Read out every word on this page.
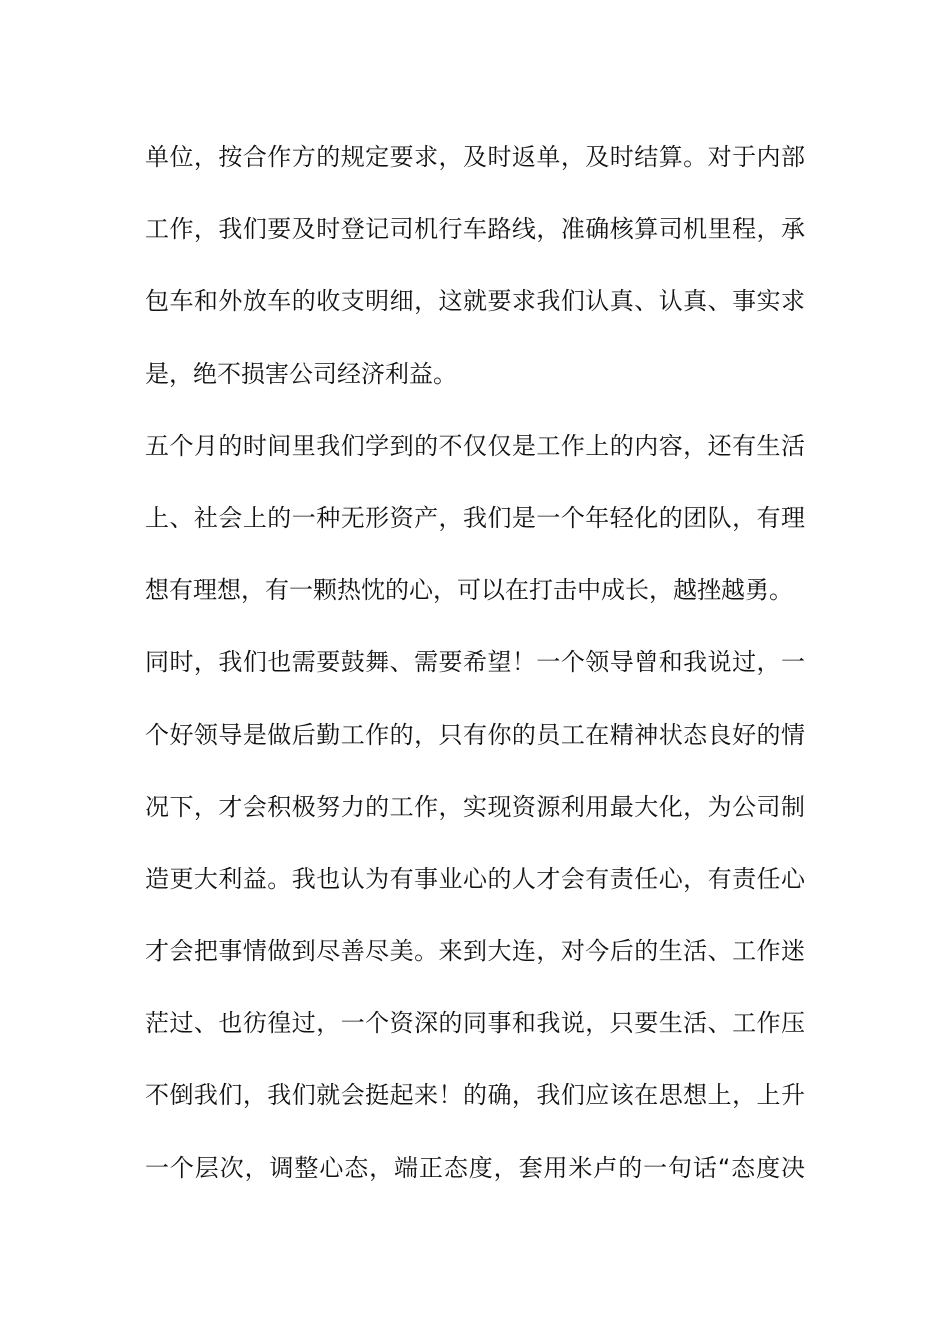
单位，按合作方的规定要求，及时返单，及时结算。对于内部
工作，我们要及时登记司机行车路线，准确核算司机里程，承
包车和外放车的收支明细，这就要求我们认真、认真、事实求
是，绝不损害公司经济利益。
五个月的时间里我们学到的不仅仅是工作上的内容，还有生活
上、社会上的一种无形资产，我们是一个年轻化的团队，有理
想有理想，有一颗热忱的心，可以在打击中成长，越挫越勇。
同时，我们也需要鼓舞、需要希望！一个领导曾和我说过，一
个好领导是做后勤工作的，只有你的员工在精神状态良好的情
况下，才会积极努力的工作，实现资源利用最大化，为公司制
造更大利益。我也认为有事业心的人才会有责任心，有责任心
才会把事情做到尽善尽美。来到大连，对今后的生活、工作迷
茫过、也彷徨过，一个资深的同事和我说，只要生活、工作压
不倒我们，我们就会挺起来！的确，我们应该在思想上，上升
一个层次，调整心态，端正态度，套用米卢的一句话“态度决
